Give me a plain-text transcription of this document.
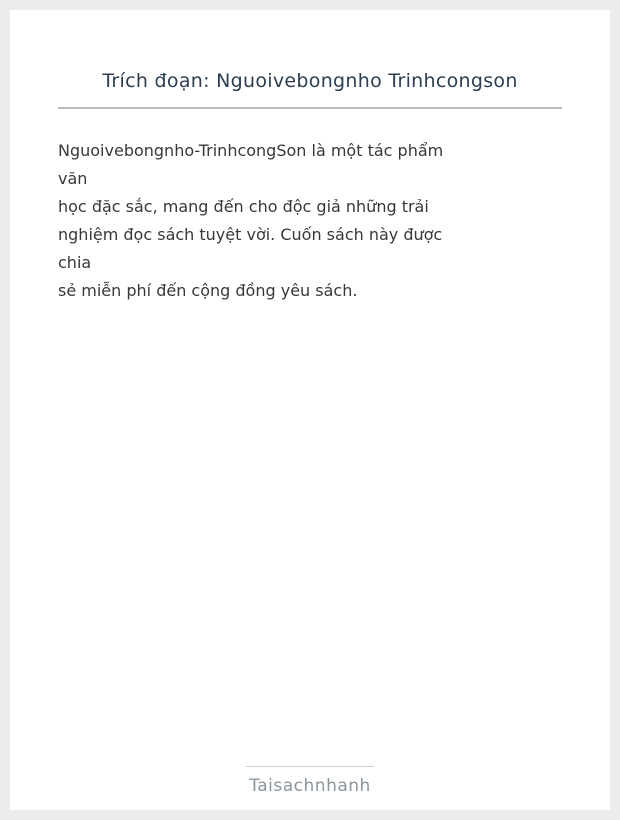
Trích đoạn: Nguoivebongnho Trinhcongson
Nguoivebongnho-TrinhcongSon là một tác phẩm
văn
học đặc sắc, mang đến cho độc giả những trải
nghiệm đọc sách tuyệt vời. Cuốn sách này được
chia
sẻ miễn phí đến cộng đồng yêu sách.
Taisachnhanh
